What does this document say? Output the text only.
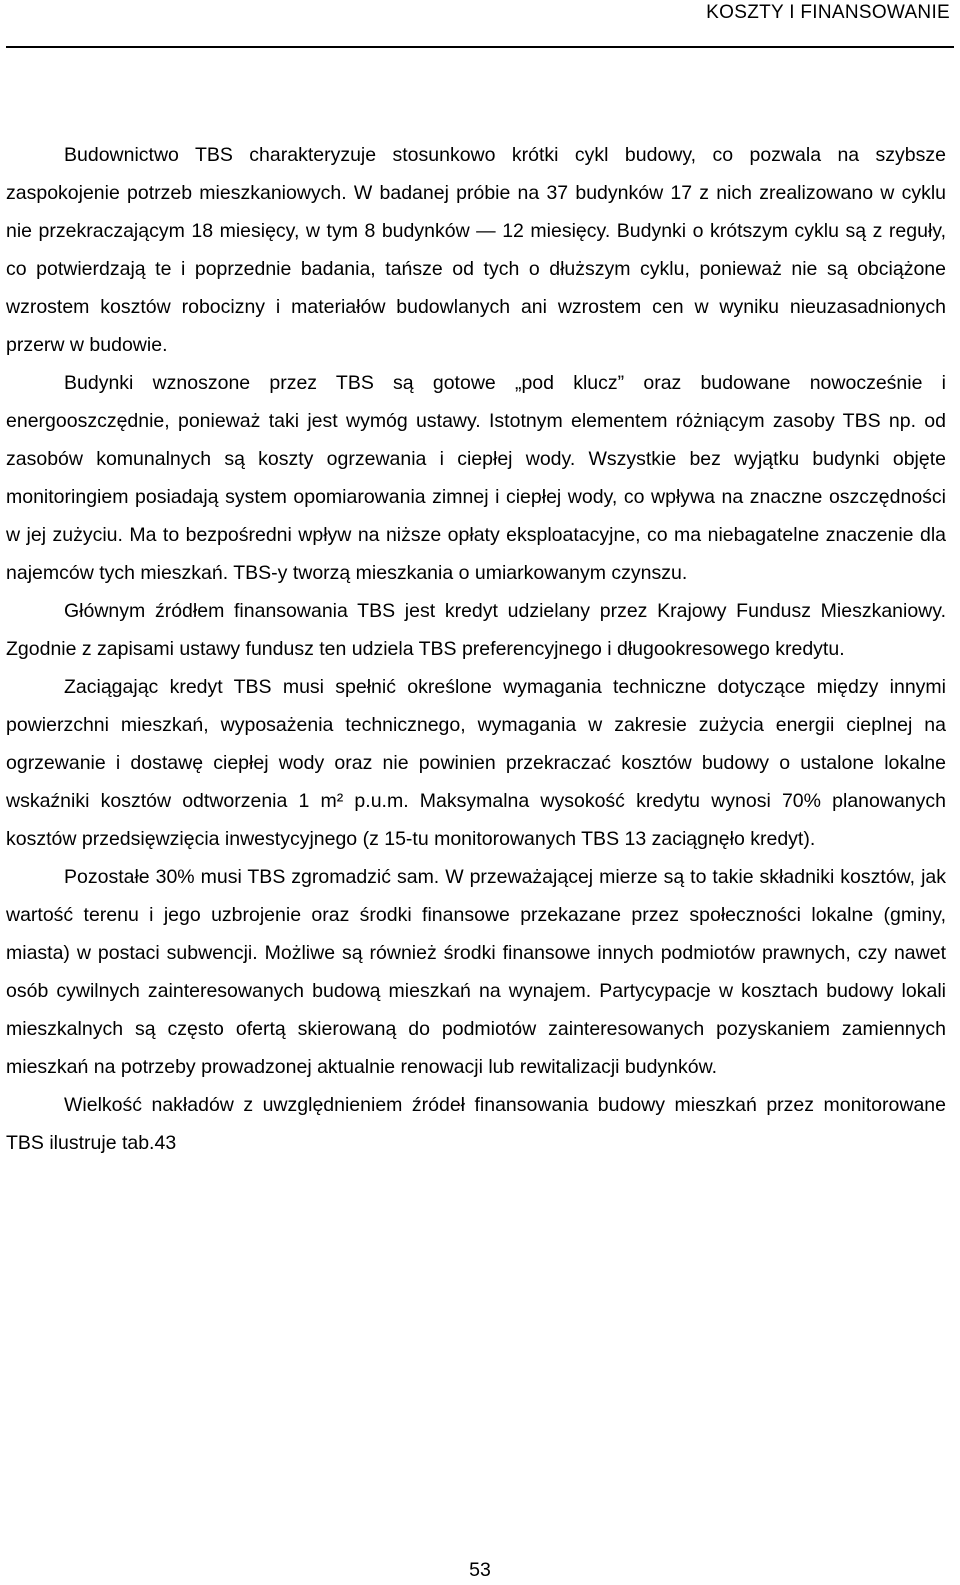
KOSZTY I FINANSOWANIE

Budownictwo TBS charakteryzuje stosunkowo krótki cykl budowy, co pozwala na szybsze zaspokojenie potrzeb mieszkaniowych. W badanej próbie na 37 budynków 17 z nich zrealizowano w cyklu nie przekraczającym 18 miesięcy, w tym 8 budynków — 12 miesięcy. Budynki o krótszym cyklu są z reguły, co potwierdzają te i poprzednie badania, tańsze od tych o dłuższym cyklu, ponieważ nie są obciążone wzrostem kosztów robocizny i materiałów budowlanych ani wzrostem cen w wyniku nieuzasadnionych przerw w budowie.

Budynki wznoszone przez TBS są gotowe „pod klucz” oraz budowane nowocześnie i energooszczędnie, ponieważ taki jest wymóg ustawy. Istotnym elementem różniącym zasoby TBS np. od zasobów komunalnych są koszty ogrzewania i ciepłej wody. Wszystkie bez wyjątku budynki objęte monitoringiem posiadają system opomiarowania zimnej i ciepłej wody, co wpływa na znaczne oszczędności w jej zużyciu. Ma to bezpośredni wpływ na niższe opłaty eksploatacyjne, co ma niebagatelne znaczenie dla najemców tych mieszkań. TBS-y tworzą mieszkania o umiarkowanym czynszu.

Głównym źródłem finansowania TBS jest kredyt udzielany przez Krajowy Fundusz Mieszkaniowy. Zgodnie z zapisami ustawy fundusz ten udziela TBS preferencyjnego i długookresowego kredytu.

Zaciągając kredyt TBS musi spełnić określone wymagania techniczne dotyczące między innymi powierzchni mieszkań, wyposażenia technicznego, wymagania w zakresie zużycia energii cieplnej na ogrzewanie i dostawę ciepłej wody oraz nie powinien przekraczać kosztów budowy o ustalone lokalne wskaźniki kosztów odtworzenia 1 m² p.u.m. Maksymalna wysokość kredytu wynosi 70% planowanych kosztów przedsięwzięcia inwestycyjnego (z 15-tu monitorowanych TBS 13 zaciągnęło kredyt).

Pozostałe 30% musi TBS zgromadzić sam. W przeważającej mierze są to takie składniki kosztów, jak wartość terenu i jego uzbrojenie oraz środki finansowe przekazane przez społeczności lokalne (gminy, miasta) w postaci subwencji. Możliwe są również środki finansowe innych podmiotów prawnych, czy nawet osób cywilnych zainteresowanych budową mieszkań na wynajem. Partycypacje w kosztach budowy lokali mieszkalnych są często ofertą skierowaną do podmiotów zainteresowanych pozyskaniem zamiennych mieszkań na potrzeby prowadzonej aktualnie renowacji lub rewitalizacji budynków.

Wielkość nakładów z uwzględnieniem źródeł finansowania budowy mieszkań przez monitorowane TBS ilustruje tab.43

53
